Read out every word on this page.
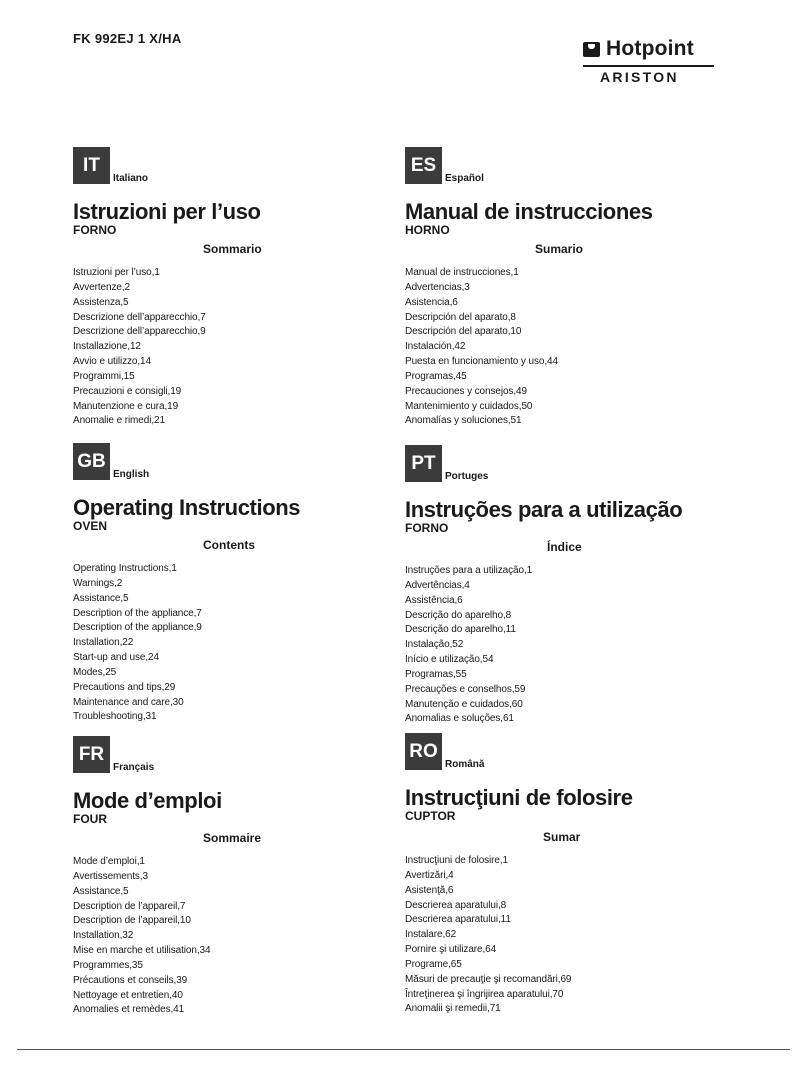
FK 992EJ 1 X/HA	Hotpoint
ARISTON
IT
Italiano
Istruzioni per l’uso
FORNO
Sommario
Istruzioni per l’uso,1
Avvertenze,2
Assistenza,5
Descrizione dell’apparecchio,7
Descrizione dell’apparecchio,9
Installazione,12
Avvio e utilizzo,14
Programmi,15
Precauzioni e consigli,19
Manutenzione e cura,19
Anomalie e rimedi,21
ES
Español
Manual de instrucciones
HORNO
Sumario
Manual de instrucciones,1
Advertencias,3
Asistencia,6
Descripción del aparato,8
Descripción del aparato,10
Instalación,42
Puesta en funcionamiento y uso,44
Programas,45
Precauciones y consejos,49
Mantenimiento y cuidados,50
Anomalías y soluciones,51
GB
English
Operating Instructions
OVEN
Contents
Operating Instructions,1
Warnings,2
Assistance,5
Description of the appliance,7
Description of the appliance,9
Installation,22
Start-up and use,24
Modes,25
Precautions and tips,29
Maintenance and care,30
Troubleshooting,31
PT
Portuges
Instruções para a utilização
FORNO
Índice
Instruções para a utilização,1
Advertências,4
Assistência,6
Descrição do aparelho,8
Descrição do aparelho,11
Instalação,52
Início e utilização,54
Programas,55
Precauções e conselhos,59
Manutenção e cuidados,60
Anomalias e soluções,61
FR
Français
Mode d’emploi
FOUR
Sommaire
Mode d’emploi,1
Avertissements,3
Assistance,5
Description de l’appareil,7
Description de l’appareil,10
Installation,32
Mise en marche et utilisation,34
Programmes,35
Précautions et conseils,39
Nettoyage et entretien,40
Anomalies et remèdes,41
RO
Română
Instrucţiuni de folosire
CUPTOR
Sumar
Instrucţiuni de folosire,1
Avertizări,4
Asistenţă,6
Descrierea aparatului,8
Descrierea aparatului,11
Instalare,62
Pornire şi utilizare,64
Programe,65
Măsuri de precauţie şi recomandări,69
Întreţinerea şi îngrijirea aparatului,70
Anomalii şi remedii,71
